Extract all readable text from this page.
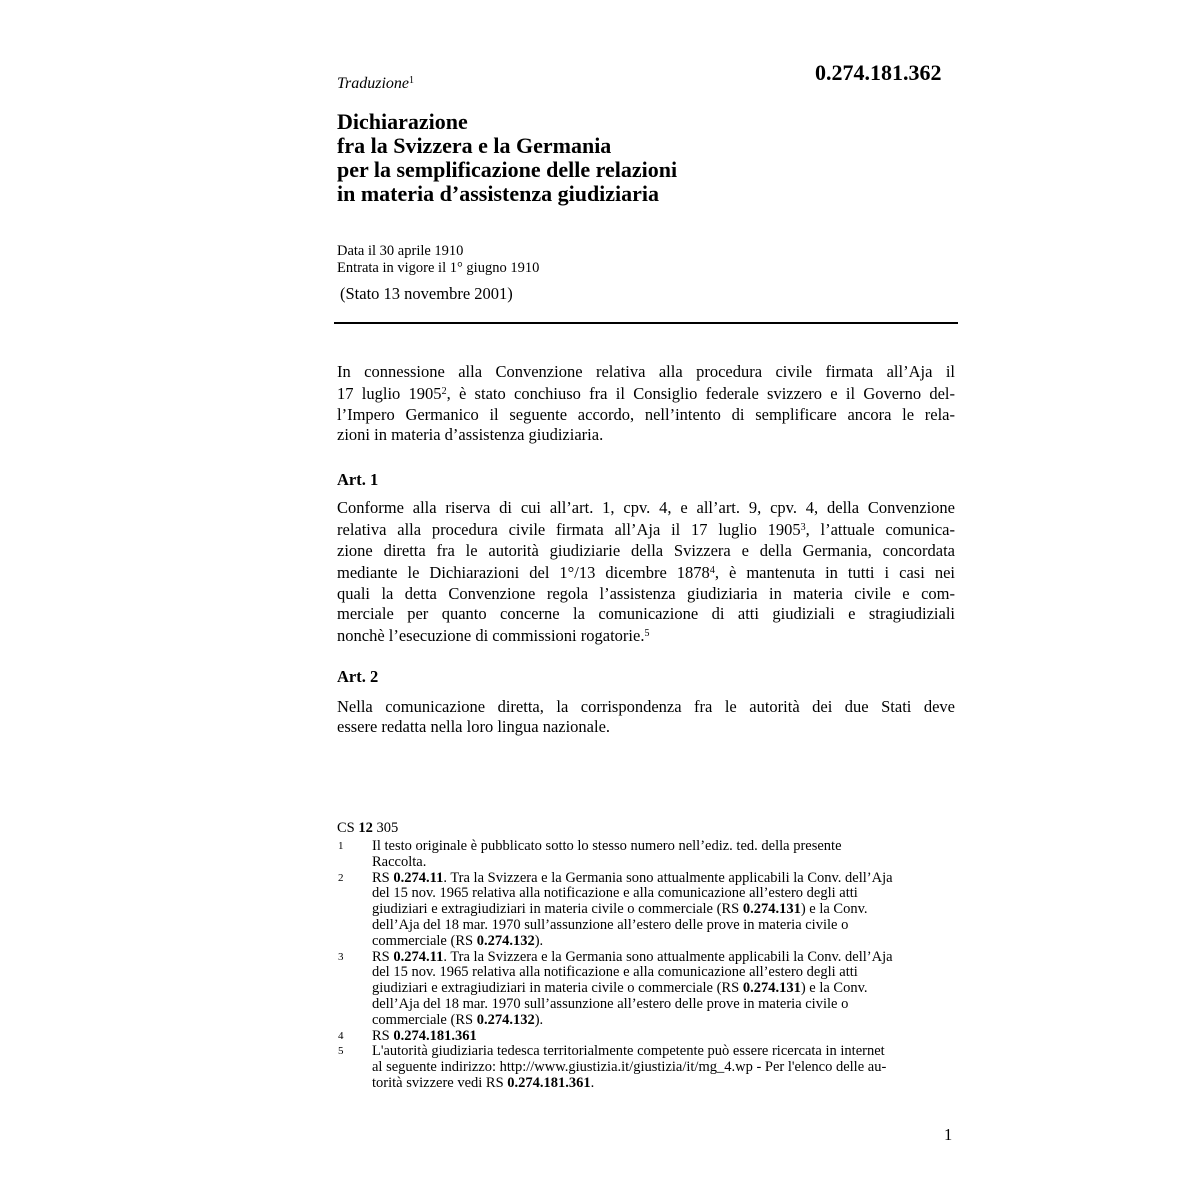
0.274.181.362
Traduzione$^1$
Dichiarazione
fra la Svizzera e la Germania
per la semplificazione delle relazioni
in materia d’assistenza giudiziaria
Data il 30 aprile 1910
Entrata in vigore il 1° giugno 1910
(Stato 13 novembre 2001)
In connessione alla Convenzione relativa alla procedura civile firmata all’Aja il
17 luglio 1905$^2$, è stato conchiuso fra il Consiglio federale svizzero e il Governo del-
l’Impero Germanico il seguente accordo, nell’intento di semplificare ancora le rela-
zioni in materia d’assistenza giudiziaria.
Art. 1
Conforme alla riserva di cui all’art. 1, cpv. 4, e all’art. 9, cpv. 4, della Convenzione
relativa alla procedura civile firmata all’Aja il 17 luglio 1905$^3$, l’attuale comunica-
zione diretta fra le autorità giudiziarie della Svizzera e della Germania, concordata
mediante le Dichiarazioni del 1°/13 dicembre 1878$^4$, è mantenuta in tutti i casi nei
quali la detta Convenzione regola l’assistenza giudiziaria in materia civile e com-
merciale per quanto concerne la comunicazione di atti giudiziali e stragiudiziali
nonchè l’esecuzione di commissioni rogatorie.$^5$
Art. 2
Nella comunicazione diretta, la corrispondenza fra le autorità dei due Stati deve
essere redatta nella loro lingua nazionale.
CS 12 305
1	Il testo originale è pubblicato sotto lo stesso numero nell’ediz. ted. della presente
Raccolta.
2	RS 0.274.11. Tra la Svizzera e la Germania sono attualmente applicabili la Conv. dell’Aja
del 15 nov. 1965 relativa alla notificazione e alla comunicazione all’estero degli atti
giudiziari e extragiudiziari in materia civile o commerciale (RS 0.274.131) e la Conv.
dell’Aja del 18 mar. 1970 sull’assunzione all’estero delle prove in materia civile o
commerciale (RS 0.274.132).
3	RS 0.274.11. Tra la Svizzera e la Germania sono attualmente applicabili la Conv. dell’Aja
del 15 nov. 1965 relativa alla notificazione e alla comunicazione all’estero degli atti
giudiziari e extragiudiziari in materia civile o commerciale (RS 0.274.131) e la Conv.
dell’Aja del 18 mar. 1970 sull’assunzione all’estero delle prove in materia civile o
commerciale (RS 0.274.132).
4	RS 0.274.181.361
5	L'autorità giudiziaria tedesca territorialmente competente può essere ricercata in internet
al seguente indirizzo: http://www.giustizia.it/giustizia/it/mg_4.wp - Per l'elenco delle au-
torità svizzere vedi RS 0.274.181.361.
1
